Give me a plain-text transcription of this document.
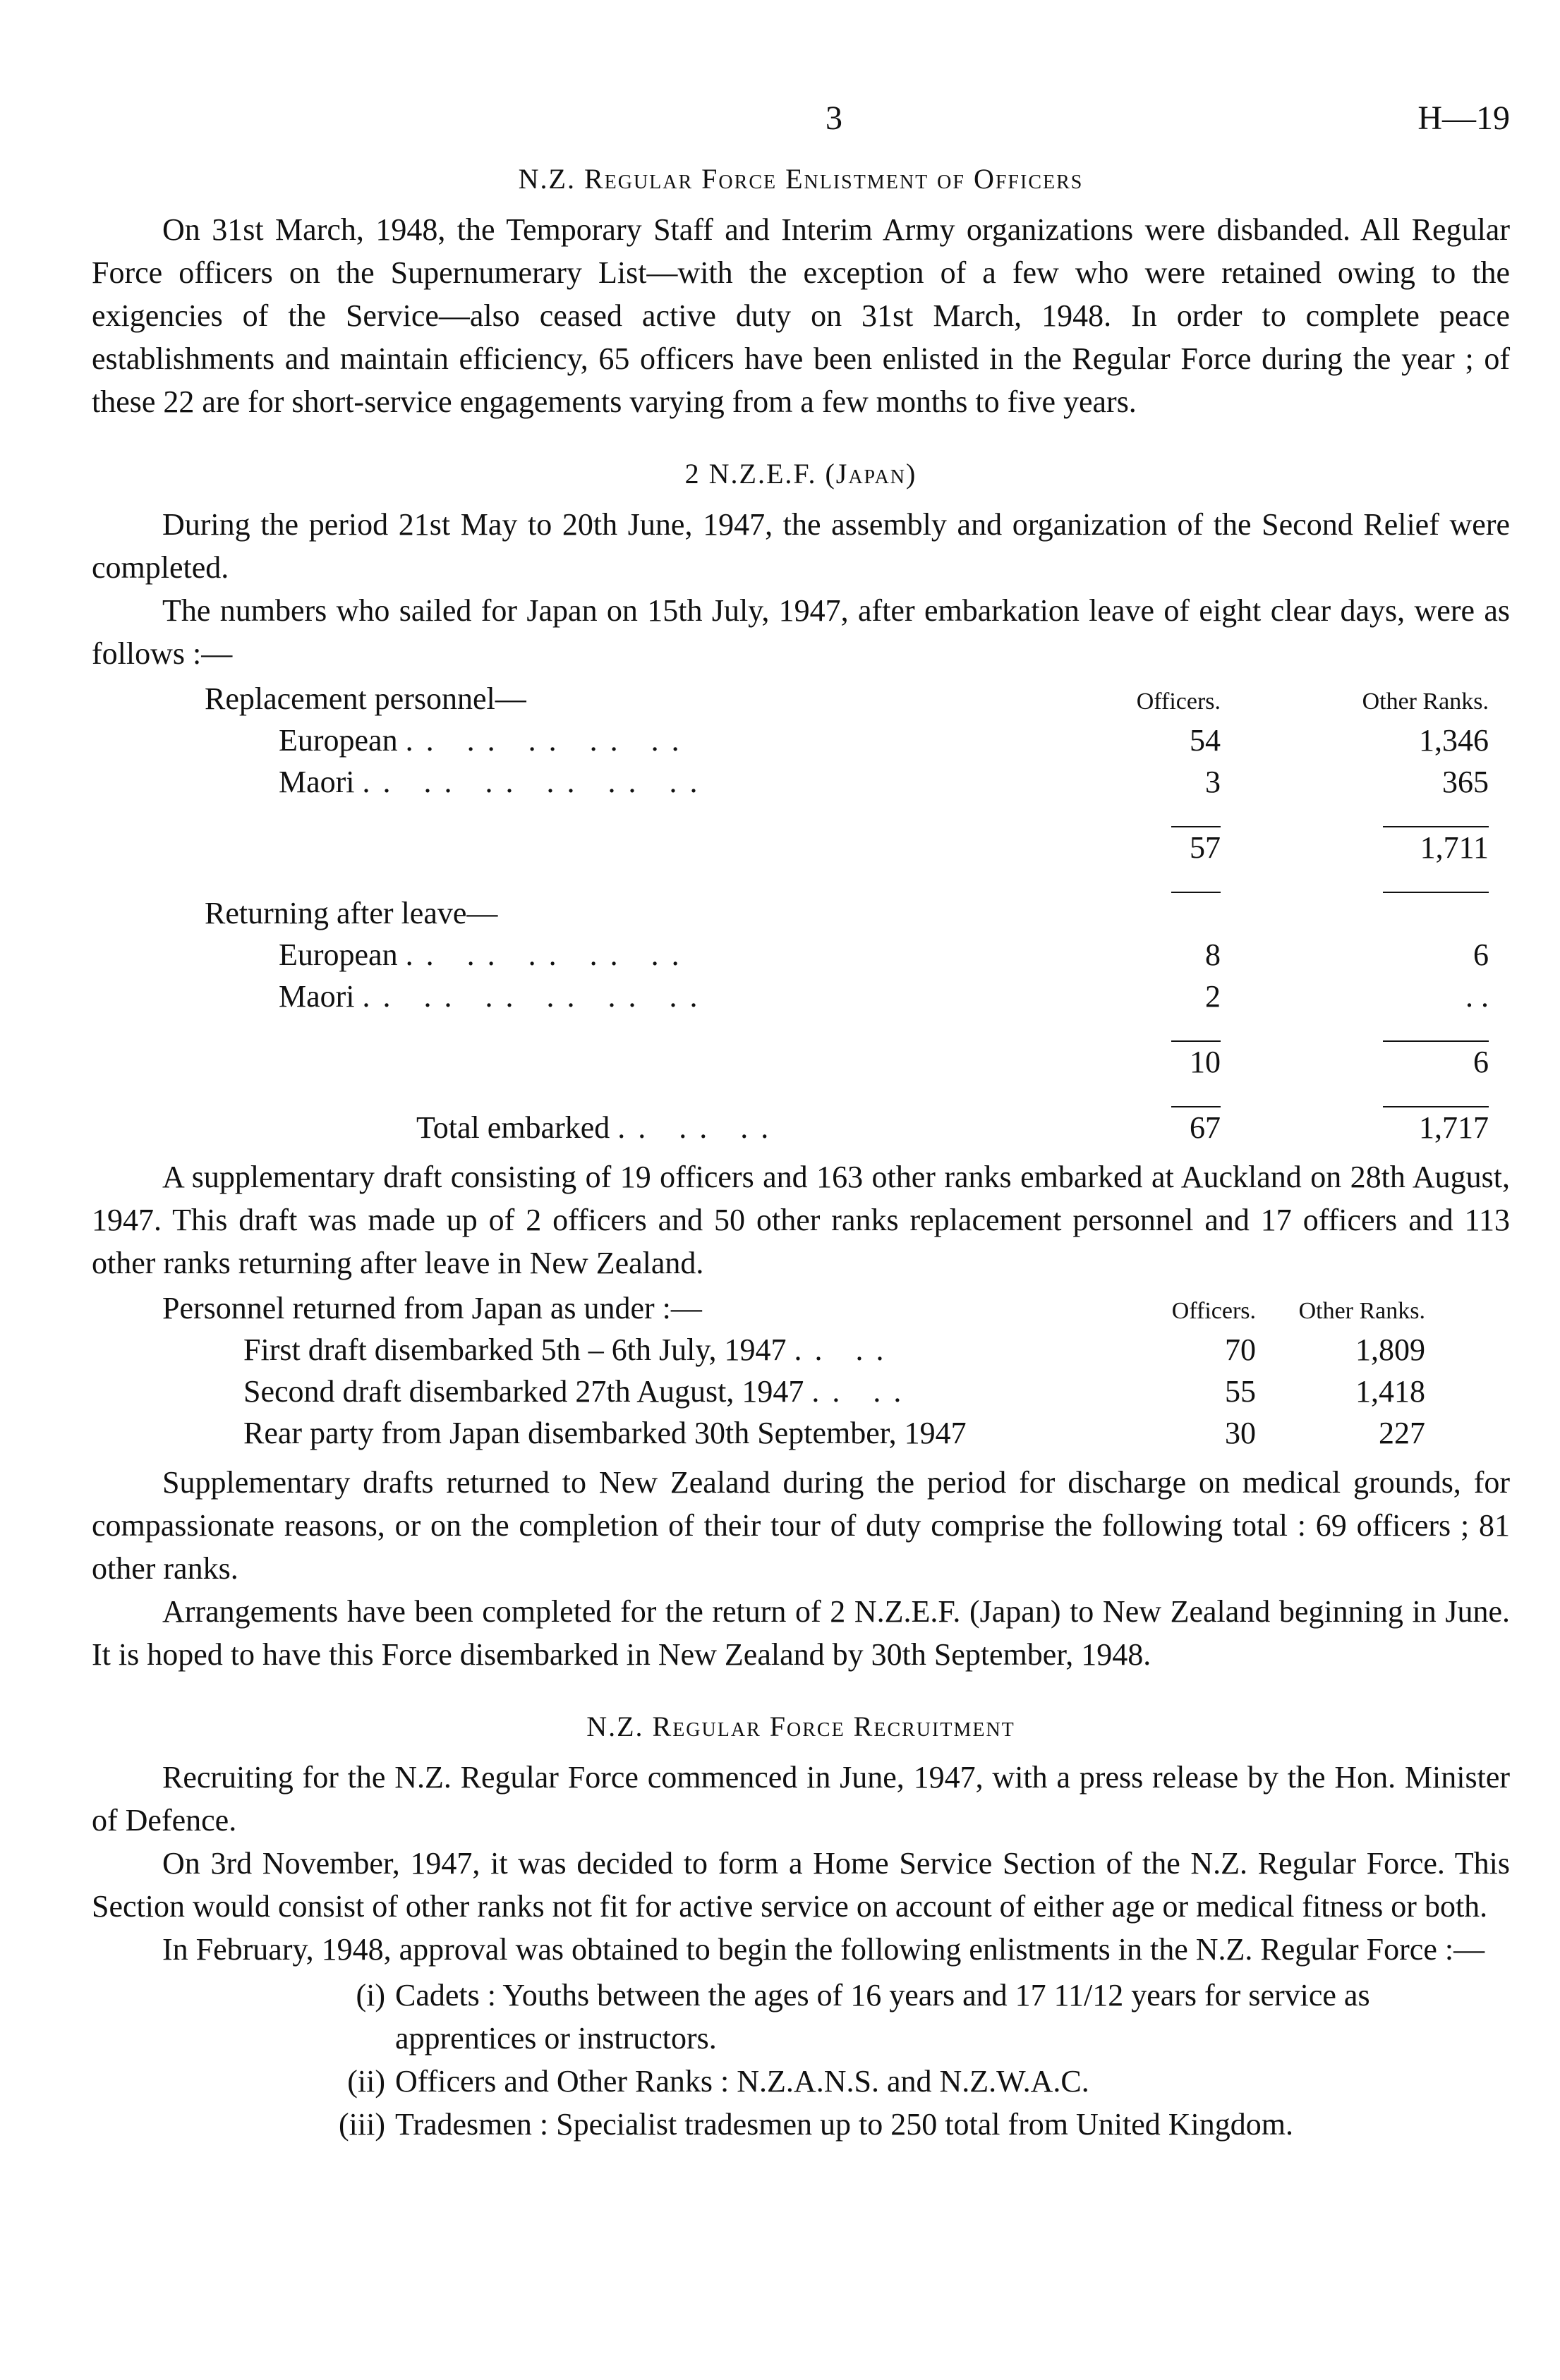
3	H—19
N.Z. Regular Force Enlistment of Officers

On 31st March, 1948, the Temporary Staff and Interim Army organizations were disbanded. All Regular Force officers on the Supernumerary List—with the exception of a few who were retained owing to the exigencies of the Service—also ceased active duty on 31st March, 1948. In order to complete peace establishments and maintain efficiency, 65 officers have been enlisted in the Regular Force during the year ; of these 22 are for short-service engagements varying from a few months to five years.

2 N.Z.E.F. (Japan)

During the period 21st May to 20th June, 1947, the assembly and organization of the Second Relief were completed.

The numbers who sailed for Japan on 15th July, 1947, after embarkation leave of eight clear days, were as follows :—

Replacement personnel—	Officers.	Other Ranks.
European .. .. .. .. ..	54	1,346
Maori .. .. .. .. .. ..	3	365
57	1,711
Returning after leave—
European .. .. .. .. ..	8	6
Maori .. .. .. .. .. ..	2	. .
10	6
Total embarked .. .. ..	67	1,717

A supplementary draft consisting of 19 officers and 163 other ranks embarked at Auckland on 28th August, 1947. This draft was made up of 2 officers and 50 other ranks replacement personnel and 17 officers and 113 other ranks returning after leave in New Zealand.

Personnel returned from Japan as under :—	Officers.	Other Ranks.
First draft disembarked 5th – 6th July, 1947 .. ..	70	1,809
Second draft disembarked 27th August, 1947 .. ..	55	1,418
Rear party from Japan disembarked 30th September, 1947	30	227

Supplementary drafts returned to New Zealand during the period for discharge on medical grounds, for compassionate reasons, or on the completion of their tour of duty comprise the following total : 69 officers ; 81 other ranks.

Arrangements have been completed for the return of 2 N.Z.E.F. (Japan) to New Zealand beginning in June. It is hoped to have this Force disembarked in New Zealand by 30th September, 1948.

N.Z. Regular Force Recruitment

Recruiting for the N.Z. Regular Force commenced in June, 1947, with a press release by the Hon. Minister of Defence.

On 3rd November, 1947, it was decided to form a Home Service Section of the N.Z. Regular Force. This Section would consist of other ranks not fit for active service on account of either age or medical fitness or both.

In February, 1948, approval was obtained to begin the following enlistments in the N.Z. Regular Force :—

(i) Cadets : Youths between the ages of 16 years and 17 11/12 years for service as apprentices or instructors.
(ii) Officers and Other Ranks : N.Z.A.N.S. and N.Z.W.A.C.
(iii) Tradesmen : Specialist tradesmen up to 250 total from United Kingdom.
